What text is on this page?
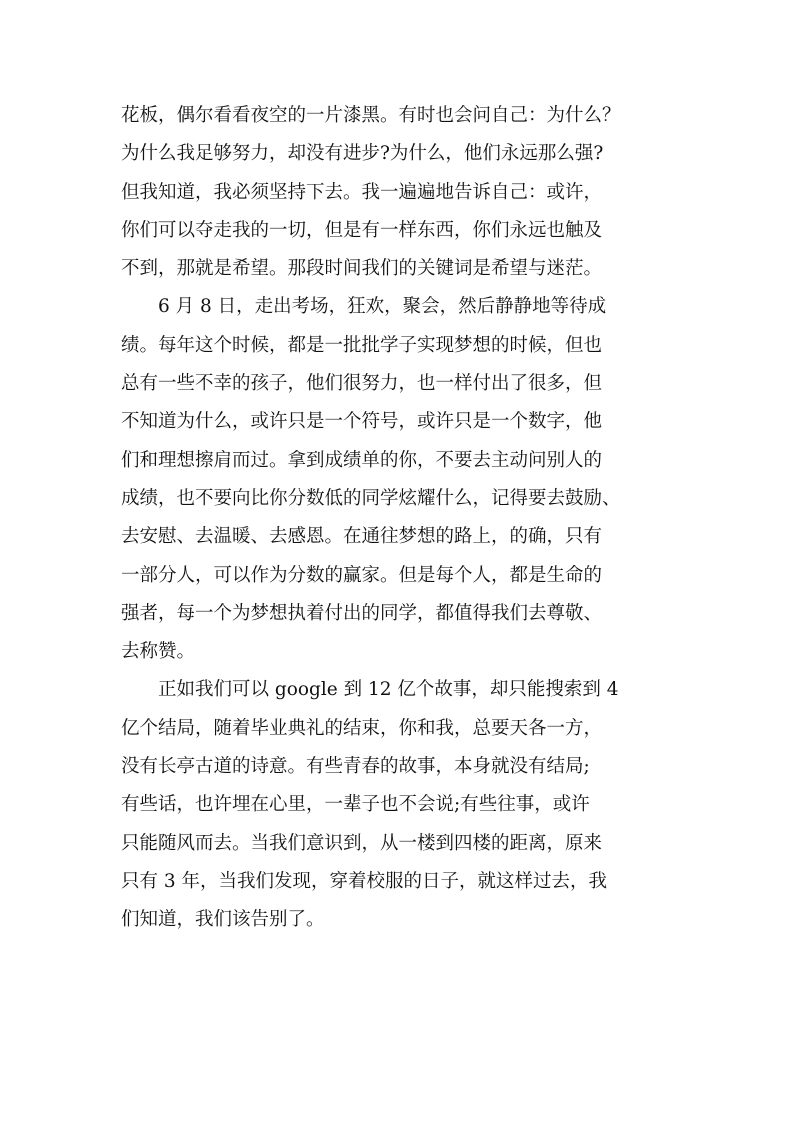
花板，偶尔看看夜空的一片漆黑。有时也会问自己：为什么？
为什么我足够努力，却没有进步?为什么，他们永远那么强?
但我知道，我必须坚持下去。我一遍遍地告诉自己：或许，
你们可以夺走我的一切，但是有一样东西，你们永远也触及
不到，那就是希望。那段时间我们的关键词是希望与迷茫。
6 月 8 日，走出考场，狂欢，聚会，然后静静地等待成
绩。每年这个时候，都是一批批学子实现梦想的时候，但也
总有一些不幸的孩子，他们很努力，也一样付出了很多，但
不知道为什么，或许只是一个符号，或许只是一个数字，他
们和理想擦肩而过。拿到成绩单的你，不要去主动问别人的
成绩，也不要向比你分数低的同学炫耀什么，记得要去鼓励、
去安慰、去温暖、去感恩。在通往梦想的路上，的确，只有
一部分人，可以作为分数的赢家。但是每个人，都是生命的
强者，每一个为梦想执着付出的同学，都值得我们去尊敬、
去称赞。
正如我们可以 google 到 12 亿个故事，却只能搜索到 4
亿个结局，随着毕业典礼的结束，你和我，总要天各一方，
没有长亭古道的诗意。有些青春的故事，本身就没有结局;
有些话，也许埋在心里，一辈子也不会说;有些往事，或许
只能随风而去。当我们意识到，从一楼到四楼的距离，原来
只有 3 年，当我们发现，穿着校服的日子，就这样过去，我
们知道，我们该告别了。
